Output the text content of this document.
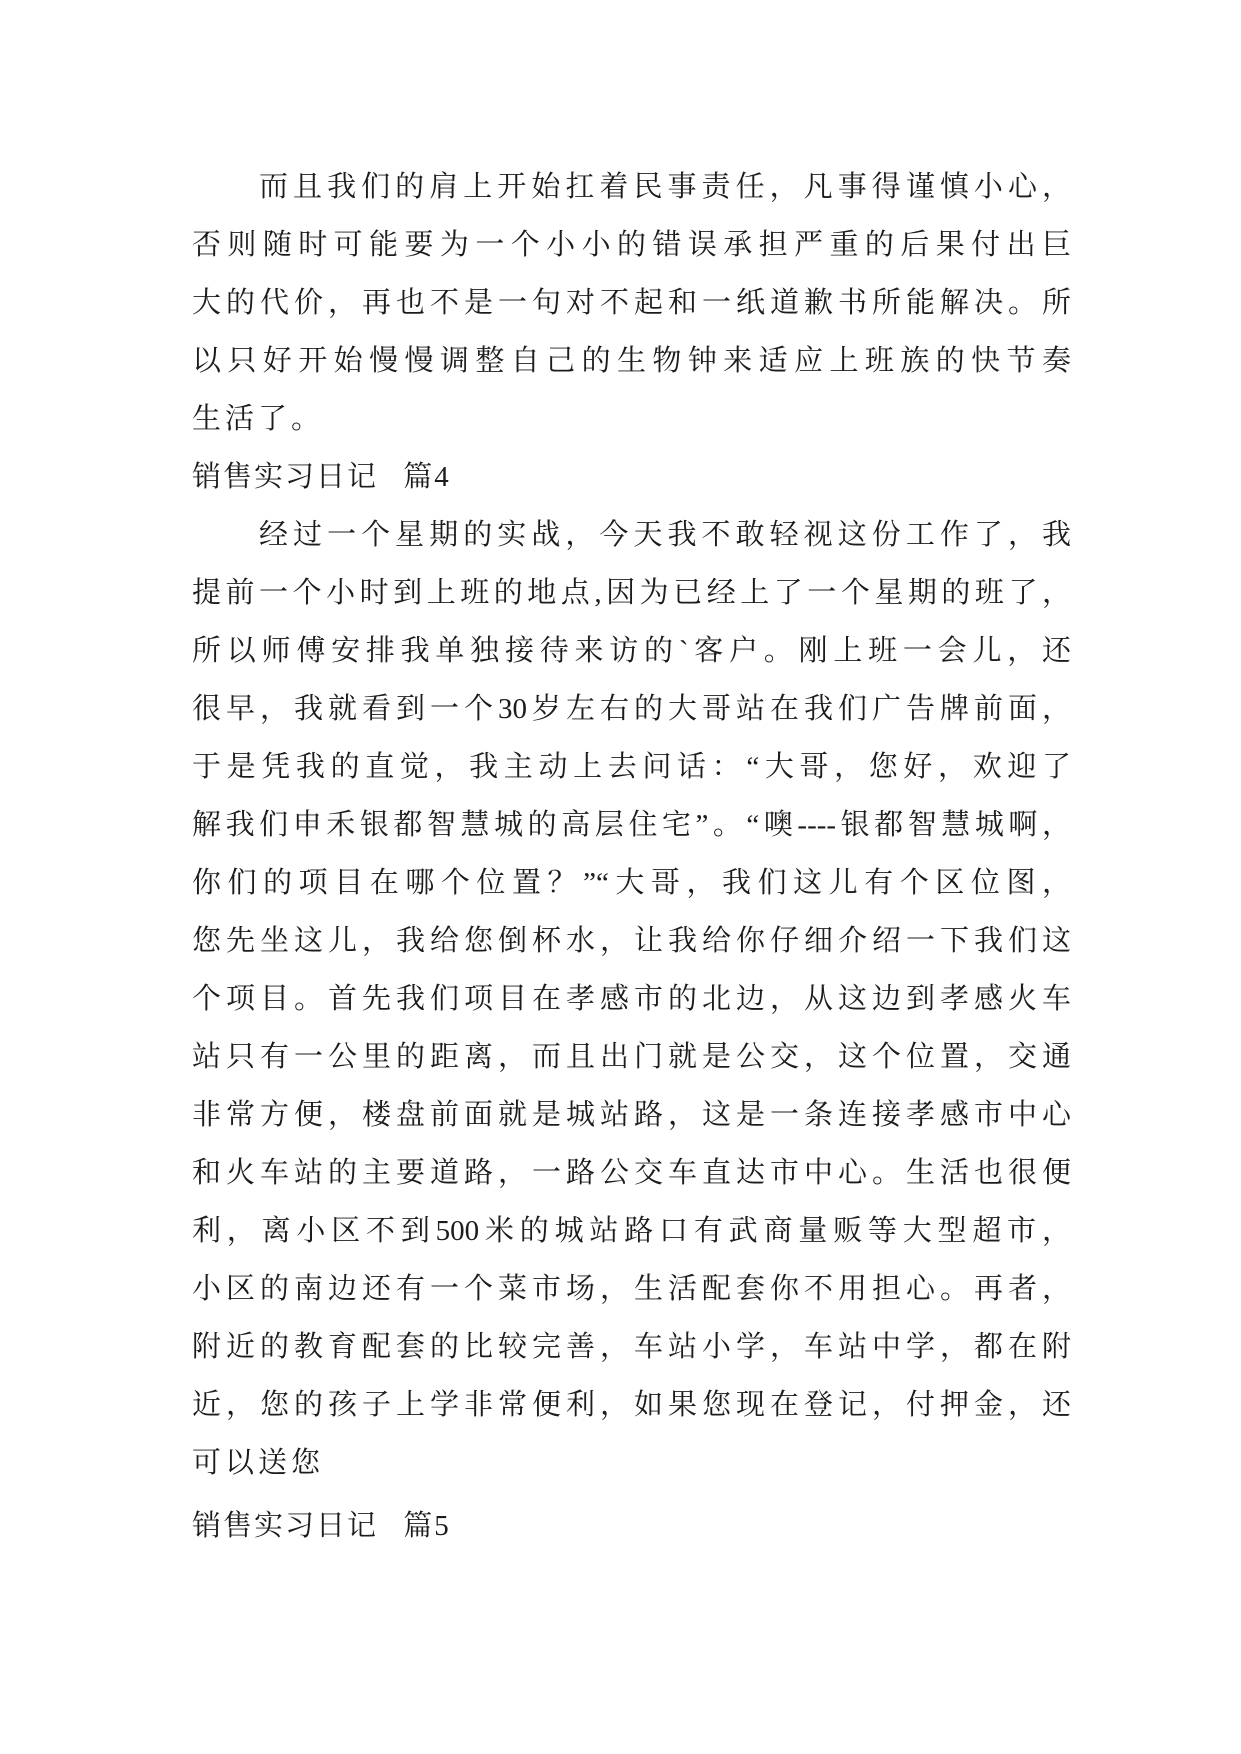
而且我们的肩上开始扛着民事责任，凡事得谨慎小心，
否则随时可能要为一个小小的错误承担严重的后果付出巨
大的代价，再也不是一句对不起和一纸道歉书所能解决。所
以只好开始慢慢调整自己的生物钟来适应上班族的快节奏
生活了。
销售实习日记 篇4
经过一个星期的实战，今天我不敢轻视这份工作了，我
提前一个小时到上班的地点,因为已经上了一个星期的班了，
所以师傅安排我单独接待来访的`客户。刚上班一会儿，还
很早，我就看到一个30岁左右的大哥站在我们广告牌前面，
于是凭我的直觉，我主动上去问话：“大哥，您好，欢迎了
解我们申禾银都智慧城的高层住宅”。“噢----银都智慧城啊，
你们的项目在哪个位置？”“大哥，我们这儿有个区位图，
您先坐这儿，我给您倒杯水，让我给你仔细介绍一下我们这
个项目。首先我们项目在孝感市的北边，从这边到孝感火车
站只有一公里的距离，而且出门就是公交，这个位置，交通
非常方便，楼盘前面就是城站路，这是一条连接孝感市中心
和火车站的主要道路，一路公交车直达市中心。生活也很便
利，离小区不到500米的城站路口有武商量贩等大型超市，
小区的南边还有一个菜市场，生活配套你不用担心。再者，
附近的教育配套的比较完善，车站小学，车站中学，都在附
近，您的孩子上学非常便利，如果您现在登记，付押金，还
可以送您
销售实习日记 篇5
